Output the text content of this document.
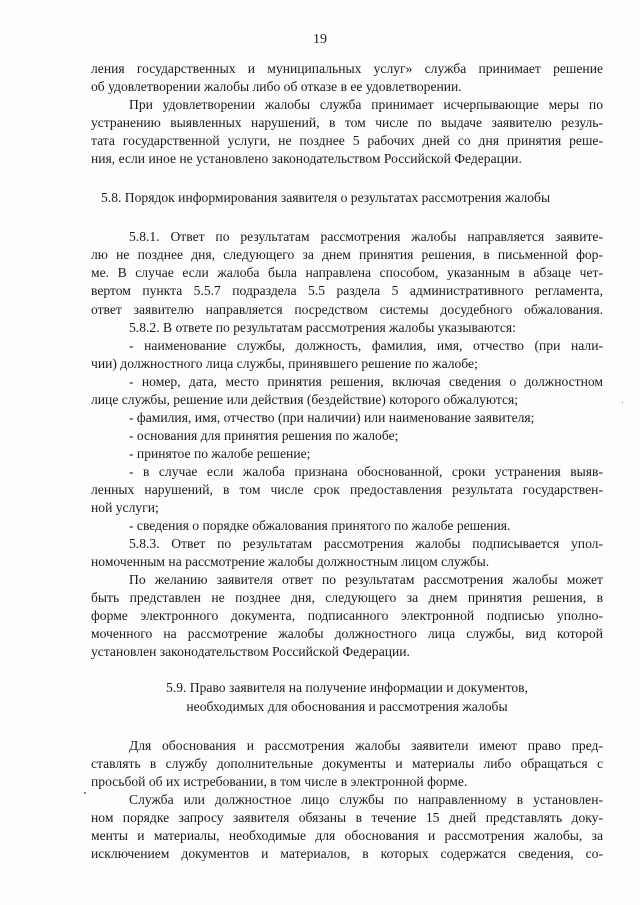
19
ления государственных и муниципальных услуг» служба принимает решение
об удовлетворении жалобы либо об отказе в ее удовлетворении.
При удовлетворении жалобы служба принимает исчерпывающие меры по
устранению выявленных нарушений, в том числе по выдаче заявителю резуль-
тата государственной услуги, не позднее 5 рабочих дней со дня принятия реше-
ния, если иное не установлено законодательством Российской Федерации.
5.8. Порядок информирования заявителя о результатах рассмотрения жалобы
5.8.1. Ответ по результатам рассмотрения жалобы направляется заявите-
лю не позднее дня, следующего за днем принятия решения, в письменной фор-
ме. В случае если жалоба была направлена способом, указанным в абзаце чет-
вертом пункта 5.5.7 подраздела 5.5 раздела 5 административного регламента,
ответ заявителю направляется посредством системы досудебного обжалования.
5.8.2. В ответе по результатам рассмотрения жалобы указываются:
- наименование службы, должность, фамилия, имя, отчество (при нали-
чии) должностного лица службы, принявшего решение по жалобе;
- номер, дата, место принятия решения, включая сведения о должностном
лице службы, решение или действия (бездействие) которого обжалуются;
- фамилия, имя, отчество (при наличии) или наименование заявителя;
- основания для принятия решения по жалобе;
- принятое по жалобе решение;
- в случае если жалоба признана обоснованной, сроки устранения выяв-
ленных нарушений, в том числе срок предоставления результата государствен-
ной услуги;
- сведения о порядке обжалования принятого по жалобе решения.
5.8.3. Ответ по результатам рассмотрения жалобы подписывается упол-
номоченным на рассмотрение жалобы должностным лицом службы.
По желанию заявителя ответ по результатам рассмотрения жалобы может
быть представлен не позднее дня, следующего за днем принятия решения, в
форме электронного документа, подписанного электронной подписью уполно-
моченного на рассмотрение жалобы должностного лица службы, вид которой
установлен законодательством Российской Федерации.
5.9. Право заявителя на получение информации и документов,
необходимых для обоснования и рассмотрения жалобы
Для обоснования и рассмотрения жалобы заявители имеют право пред-
ставлять в службу дополнительные документы и материалы либо обращаться с
просьбой об их истребовании, в том числе в электронной форме.
Служба или должностное лицо службы по направленному в установлен-
ном порядке запросу заявителя обязаны в течение 15 дней представлять доку-
менты и материалы, необходимые для обоснования и рассмотрения жалобы, за
исключением документов и материалов, в которых содержатся сведения, со-
